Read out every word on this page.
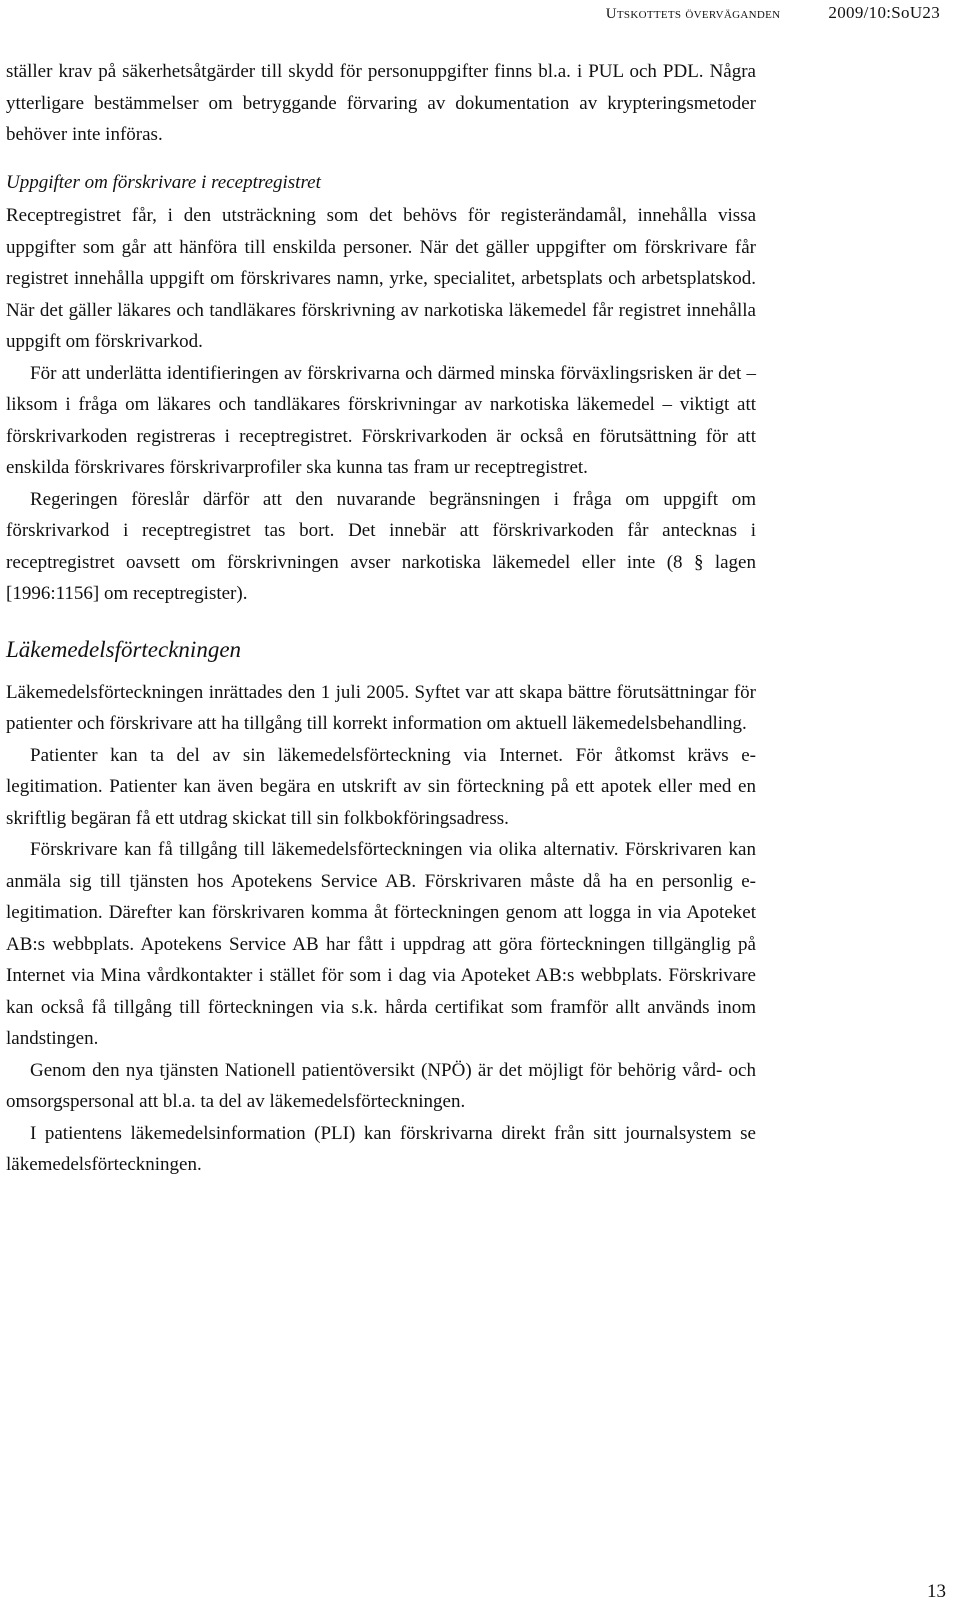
Utskottets överväganden	2009/10:SoU23

ställer krav på säkerhetsåtgärder till skydd för personuppgifter finns bl.a. i PUL och PDL. Några ytterligare bestämmelser om betryggande förvaring av dokumentation av krypteringsmetoder behöver inte införas.

Uppgifter om förskrivare i receptregistret

Receptregistret får, i den utsträckning som det behövs för registerändamål, innehålla vissa uppgifter som går att hänföra till enskilda personer. När det gäller uppgifter om förskrivare får registret innehålla uppgift om förskrivares namn, yrke, specialitet, arbetsplats och arbetsplatskod. När det gäller läkares och tandläkares förskrivning av narkotiska läkemedel får registret innehålla uppgift om förskrivarkod.

För att underlätta identifieringen av förskrivarna och därmed minska förväxlingsrisken är det – liksom i fråga om läkares och tandläkares förskrivningar av narkotiska läkemedel – viktigt att förskrivarkoden registreras i receptregistret. Förskrivarkoden är också en förutsättning för att enskilda förskrivares förskrivarprofiler ska kunna tas fram ur receptregistret.

Regeringen föreslår därför att den nuvarande begränsningen i fråga om uppgift om förskrivarkod i receptregistret tas bort. Det innebär att förskrivarkoden får antecknas i receptregistret oavsett om förskrivningen avser narkotiska läkemedel eller inte (8 § lagen [1996:1156] om receptregister).

Läkemedelsförteckningen

Läkemedelsförteckningen inrättades den 1 juli 2005. Syftet var att skapa bättre förutsättningar för patienter och förskrivare att ha tillgång till korrekt information om aktuell läkemedelsbehandling.

Patienter kan ta del av sin läkemedelsförteckning via Internet. För åtkomst krävs e-legitimation. Patienter kan även begära en utskrift av sin förteckning på ett apotek eller med en skriftlig begäran få ett utdrag skickat till sin folkbokföringsadress.

Förskrivare kan få tillgång till läkemedelsförteckningen via olika alternativ. Förskrivaren kan anmäla sig till tjänsten hos Apotekens Service AB. Förskrivaren måste då ha en personlig e-legitimation. Därefter kan förskrivaren komma åt förteckningen genom att logga in via Apoteket AB:s webbplats. Apotekens Service AB har fått i uppdrag att göra förteckningen tillgänglig på Internet via Mina vårdkontakter i stället för som i dag via Apoteket AB:s webbplats. Förskrivare kan också få tillgång till förteckningen via s.k. hårda certifikat som framför allt används inom landstingen.

Genom den nya tjänsten Nationell patientöversikt (NPÖ) är det möjligt för behörig vård- och omsorgspersonal att bl.a. ta del av läkemedelsförteckningen.

I patientens läkemedelsinformation (PLI) kan förskrivarna direkt från sitt journalsystem se läkemedelsförteckningen.

13
